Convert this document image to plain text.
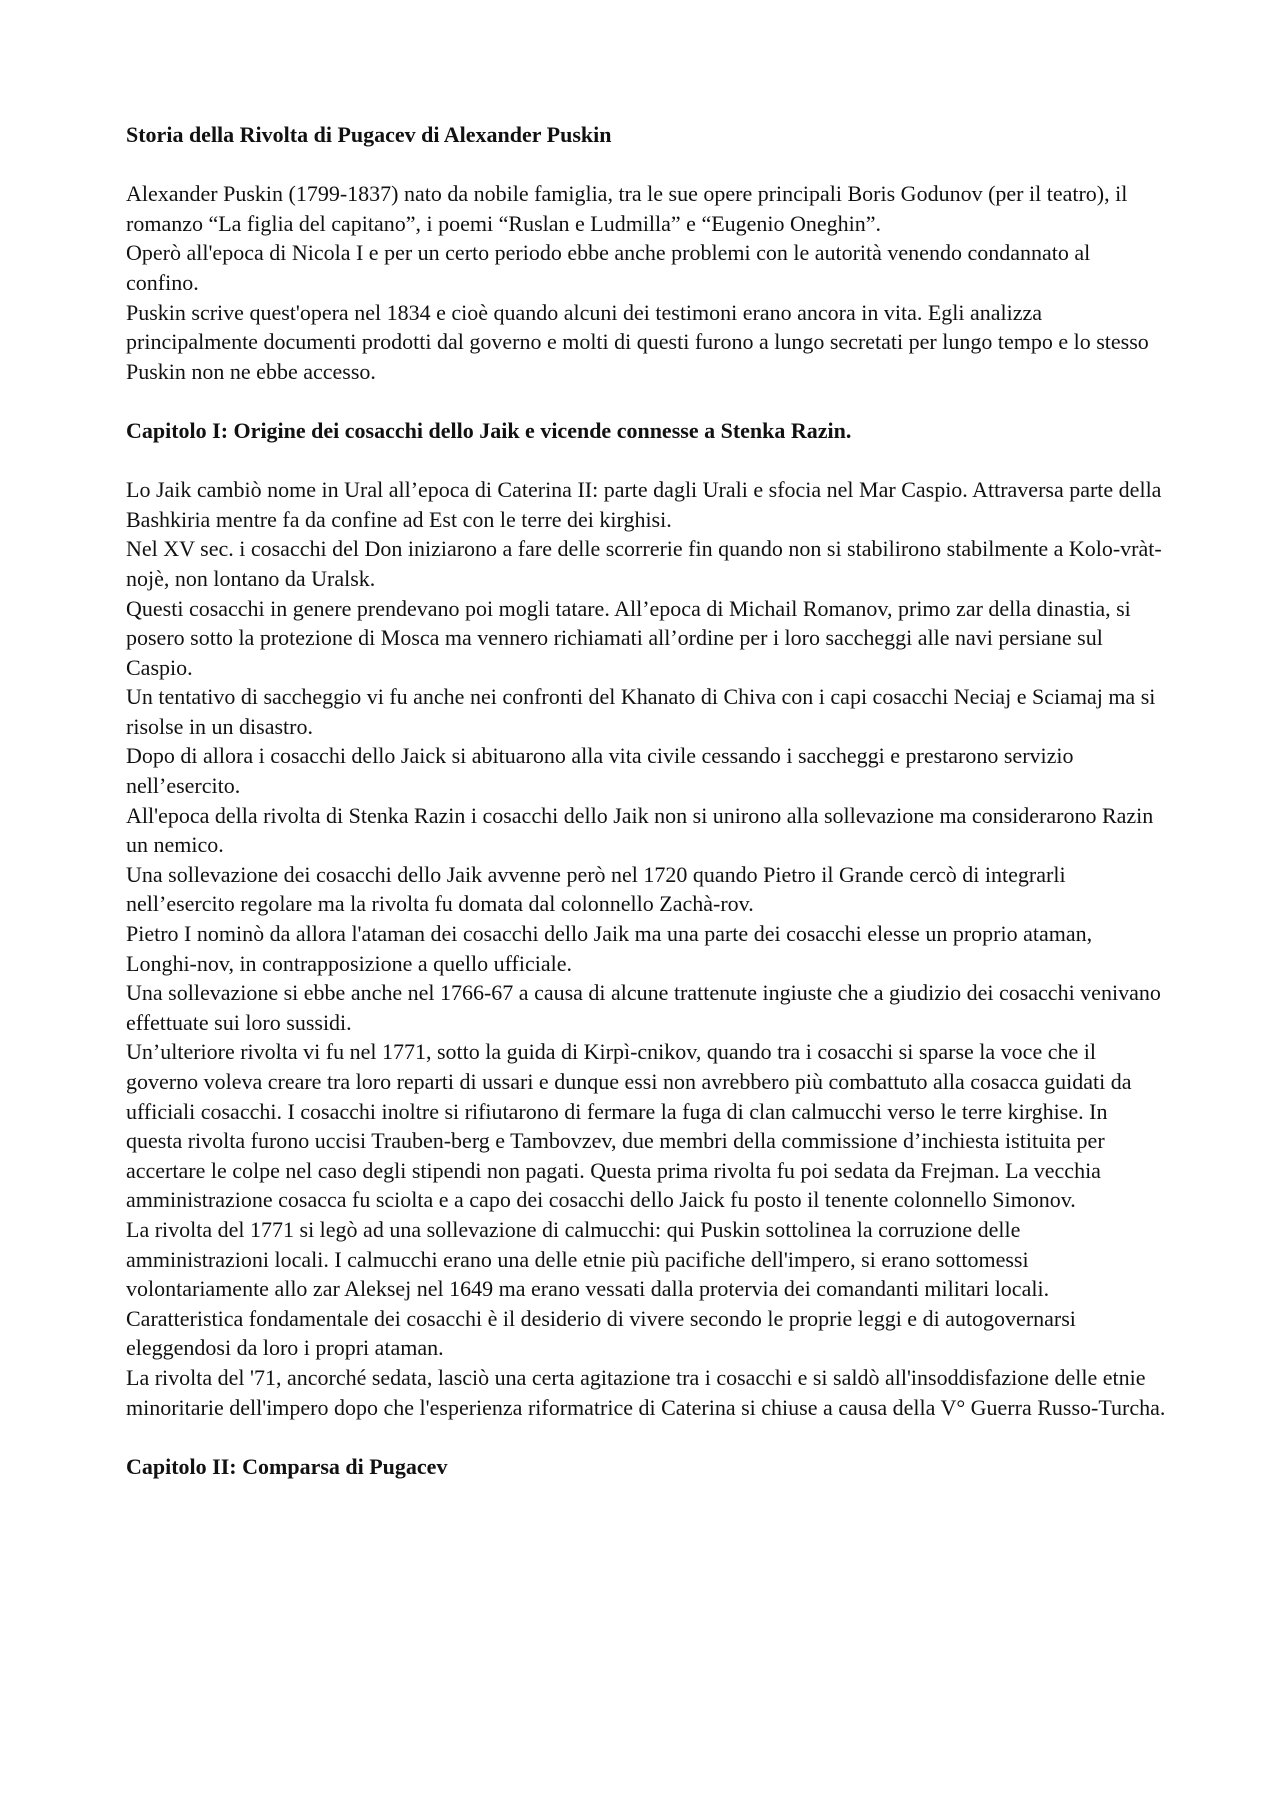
Storia della Rivolta di Pugacev di Alexander Puskin

Alexander Puskin (1799-1837) nato da nobile famiglia, tra le sue opere principali Boris Godunov (per il teatro), il romanzo “La figlia del capitano”, i poemi “Ruslan e Ludmilla” e “Eugenio Oneghin”.

Operò all'epoca di Nicola I e per un certo periodo ebbe anche problemi con le autorità venendo condannato al confino.

Puskin scrive quest'opera nel 1834 e cioè quando alcuni dei testimoni erano ancora in vita. Egli analizza principalmente documenti prodotti dal governo e molti di questi furono a lungo secretati per lungo tempo e lo stesso Puskin non ne ebbe accesso.

Capitolo I: Origine dei cosacchi dello Jaik e vicende connesse a Stenka Razin.

Lo Jaik cambiò nome in Ural all’epoca di Caterina II: parte dagli Urali e sfocia nel Mar Caspio. Attraversa parte della Bashkiria mentre fa da confine ad Est con le terre dei kirghisi.

Nel XV sec. i cosacchi del Don iniziarono a fare delle scorrerie fin quando non si stabilirono stabilmente a Kolo-vràt-nojè, non lontano da Uralsk.

Questi cosacchi in genere prendevano poi mogli tatare. All’epoca di Michail Romanov, primo zar della dinastia, si posero sotto la protezione di Mosca ma vennero richiamati all’ordine per i loro saccheggi alle navi persiane sul Caspio.

Un tentativo di saccheggio vi fu anche nei confronti del Khanato di Chiva con i capi cosacchi Neciaj e Sciamaj ma si risolse in un disastro.

Dopo di allora i cosacchi dello Jaick si abituarono alla vita civile cessando i saccheggi e prestarono servizio nell’esercito.

All'epoca della rivolta di Stenka Razin i cosacchi dello Jaik non si unirono alla sollevazione ma considerarono Razin un nemico.

Una sollevazione dei cosacchi dello Jaik avvenne però nel 1720 quando Pietro il Grande cercò di integrarli nell’esercito regolare ma la rivolta fu domata dal colonnello Zachà-rov.

Pietro I nominò da allora l'ataman dei cosacchi dello Jaik ma una parte dei cosacchi elesse un proprio ataman, Longhi-nov, in contrapposizione a quello ufficiale.

Una sollevazione si ebbe anche nel 1766-67 a causa di alcune trattenute ingiuste che a giudizio dei cosacchi venivano effettuate sui loro sussidi.

Un’ulteriore rivolta vi fu nel 1771, sotto la guida di Kirpì-cnikov, quando tra i cosacchi si sparse la voce che il governo voleva creare tra loro reparti di ussari e dunque essi non avrebbero più combattuto alla cosacca guidati da ufficiali cosacchi. I cosacchi inoltre si rifiutarono di fermare la fuga di clan calmucchi verso le terre kirghise. In questa rivolta furono uccisi Trauben-berg e Tambovzev, due membri della commissione d’inchiesta istituita per accertare le colpe nel caso degli stipendi non pagati. Questa prima rivolta fu poi sedata da Frejman. La vecchia amministrazione cosacca fu sciolta e a capo dei cosacchi dello Jaick fu posto il tenente colonnello Simonov.

La rivolta del 1771 si legò ad una sollevazione di calmucchi: qui Puskin sottolinea la corruzione delle amministrazioni locali. I calmucchi erano una delle etnie più pacifiche dell'impero, si erano sottomessi volontariamente allo zar Aleksej nel 1649 ma erano vessati dalla protervia dei comandanti militari locali.

Caratteristica fondamentale dei cosacchi è il desiderio di vivere secondo le proprie leggi e di autogovernarsi eleggendosi da loro i propri ataman.

La rivolta del '71, ancorché sedata, lasciò una certa agitazione tra i cosacchi e si saldò all'insoddisfazione delle etnie minoritarie dell'impero dopo che l'esperienza riformatrice di Caterina si chiuse a causa della V° Guerra Russo-Turcha.

Capitolo II: Comparsa di Pugacev
